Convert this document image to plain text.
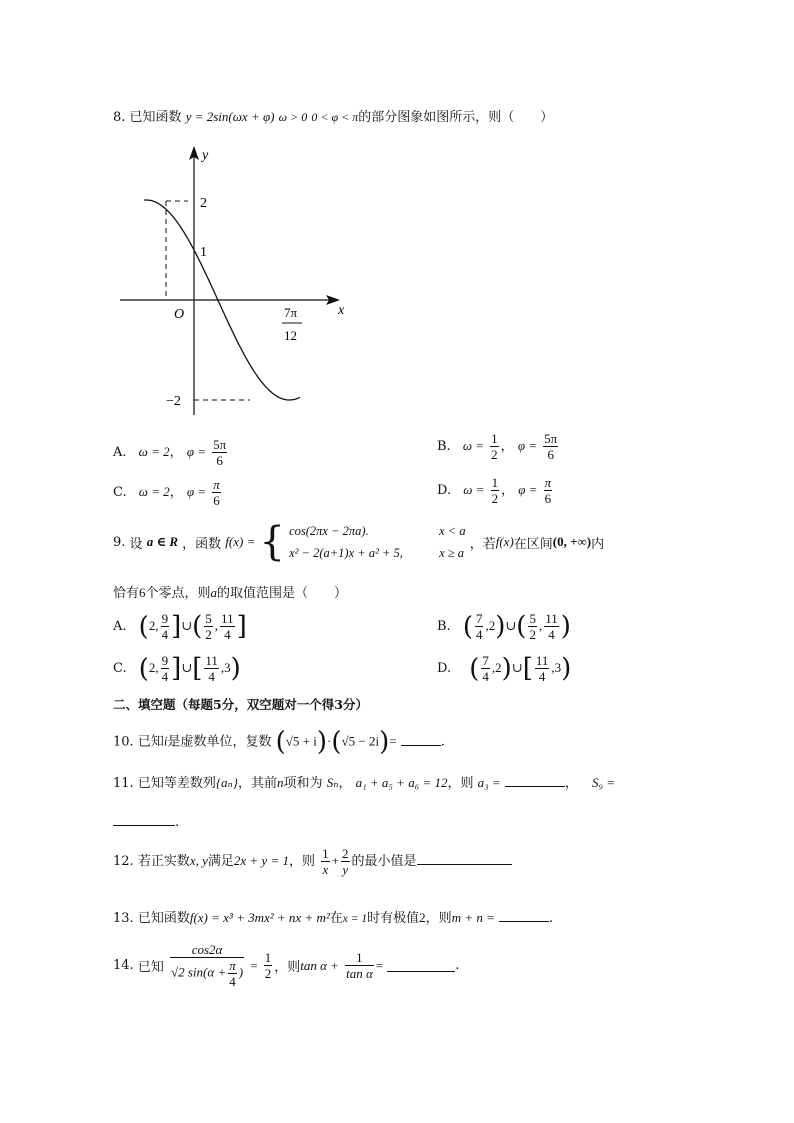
8. 已知函数 y = 2sin(ωx + φ) ω > 0 0 < φ < π的部分图象如图所示，则（　　）
y
x
O
2
1
−2
7π
12
A. ω = 2， $\varphi = \frac{5\pi}{6}$	B. $\omega = \frac{1}{2}$ ， $\varphi = \frac{5\pi}{6}$
C. ω = 2， $\varphi = \frac{\pi}{6}$	D. $\omega = \frac{1}{2}$ ， $\varphi = \frac{\pi}{6}$
9. 设 a ∈ R ，函数 f(x) = { cos(2πx − 2πa).	x < a
x² − 2(a+1)x + a² + 5,	x ≥ a ，若f(x)在区间(0, +∞)内
恰有6个零点，则a的取值范围是（　　）
A. (2, $\frac{9}{4}$ ]∪( $\frac{5}{2}$ , $\frac{11}{4}$ ]	B. ( $\frac{7}{4}$ ,2)∪( $\frac{5}{2}$ , $\frac{11}{4}$ )
C. (2, $\frac{9}{4}$ ]∪[ $\frac{11}{4} ,3$)	D. ( $\frac{7}{4}$ ,2)∪[ $\frac{11}{4} ,3$)
二、填空题（每题5分，双空题对一个得3分）
10. 已知i是虚数单位，复数 (√5 + i)·(√5 − 2i)=	.
11. 已知等差数列{aₙ}，其前n项和为 Sₙ， a₁ + a₅ + a₆ = 12，则 a₃ =	， S₉ =
.
12. 若正实数x, y满足2x + y = 1，则 $\frac{1}{x} + \frac{2}{y}$ 的最小值是
13. 已知函数f(x) = x³ + 3mx² + nx + m²在x = 1时有极值2，则m + n =	.
14. 已知 $\frac{\cos 2\alpha}{√2 \sin(\alpha + \frac{\pi}{4} )} = \frac{1}{2}$ ，则$\tan \alpha + \frac{1}{\text{tan α}}$ =	.
